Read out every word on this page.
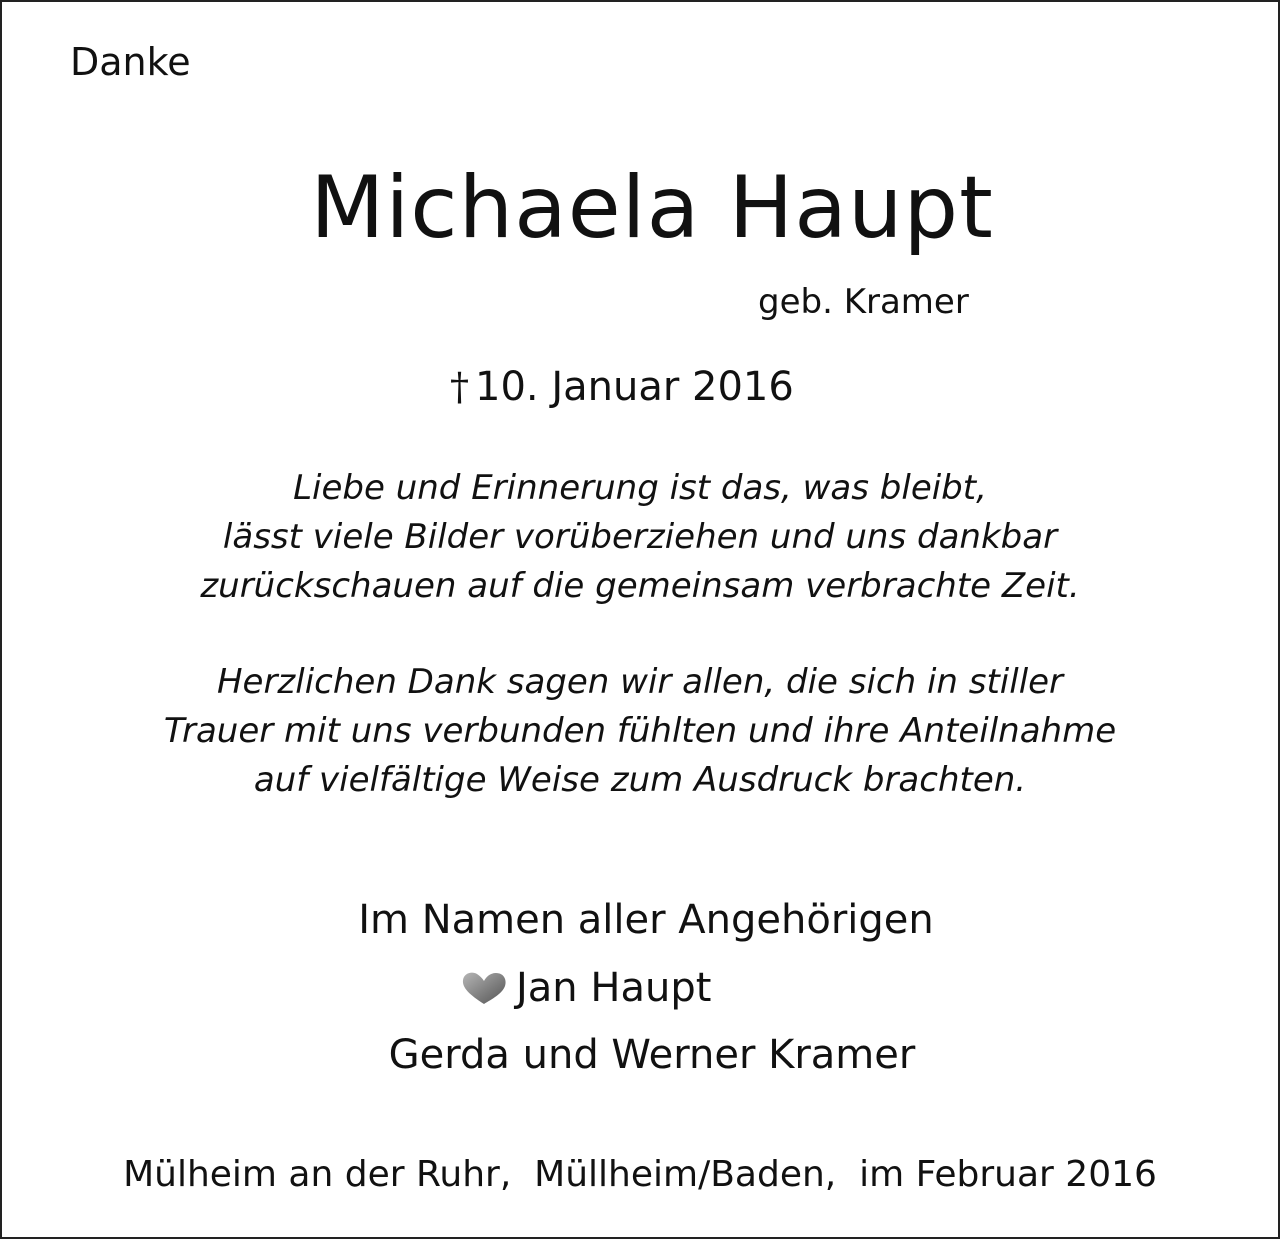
Danke
Michaela Haupt
geb. Kramer
† 10. Januar 2016
Liebe und Erinnerung ist das, was bleibt,
lässt viele Bilder vorüberziehen und uns dankbar
zurückschauen auf die gemeinsam verbrachte Zeit.
Herzlichen Dank sagen wir allen, die sich in stiller
Trauer mit uns verbunden fühlten und ihre Anteilnahme
auf vielfältige Weise zum Ausdruck brachten.
Im Namen aller Angehörigen
Jan Haupt
Gerda und Werner Kramer
Mülheim an der Ruhr,  Müllheim/Baden,  im Februar 2016
